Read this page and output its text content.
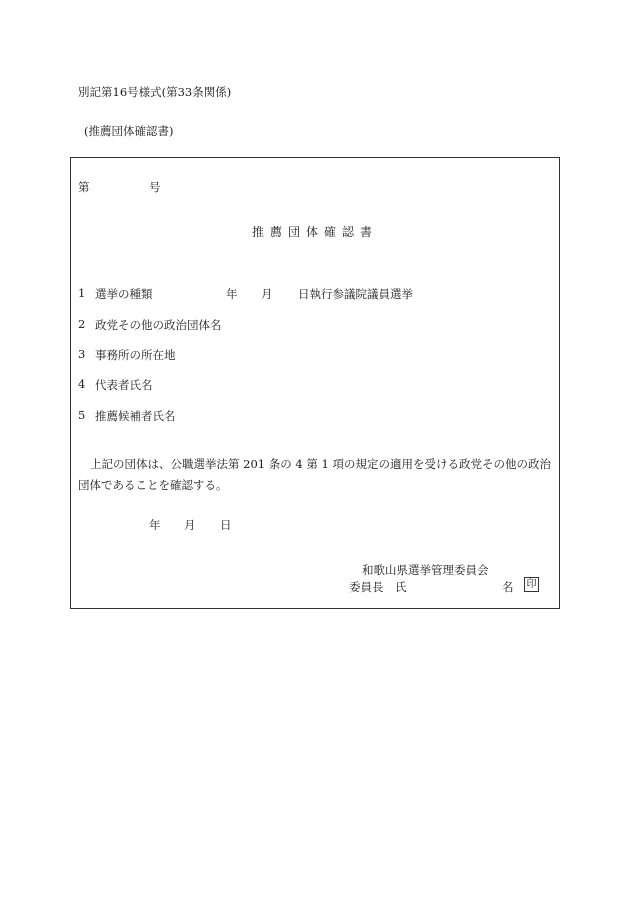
別記第16号様式(第33条関係)
(推薦団体確認書)
第	号
推薦団体確認書
1 選挙の種類	年 月 日執行参議院議員選挙
2 政党その他の政治団体名
3 事務所の所在地
4 代表者氏名
5 推薦候補者氏名
上記の団体は、公職選挙法第 201 条の 4 第 1 項の規定の適用を受ける政党その他の政治団体であることを確認する。
年 月 日
和歌山県選挙管理委員会
委員長　氏	名 印
